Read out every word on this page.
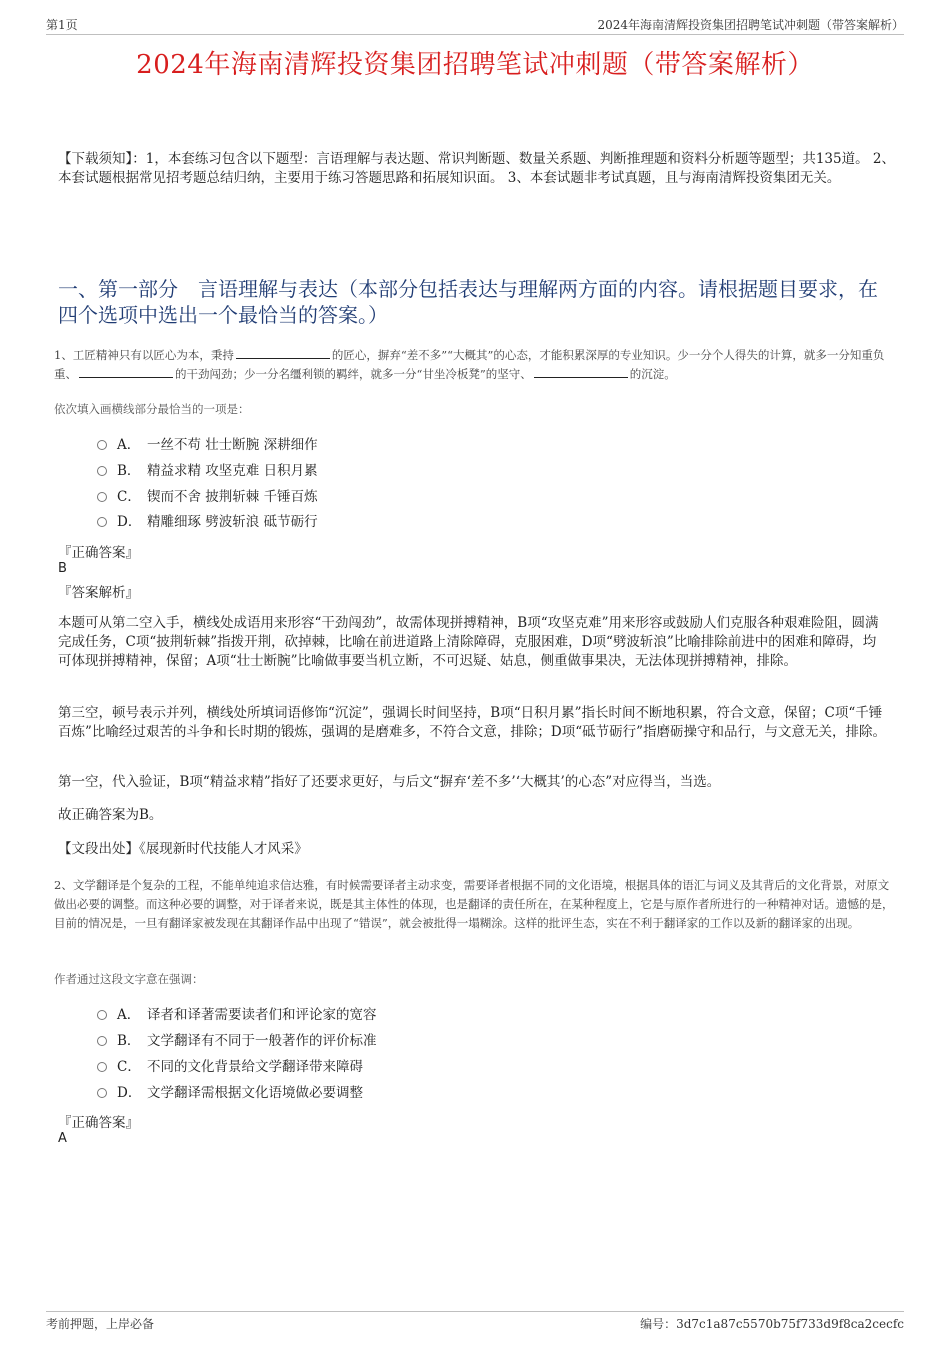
第1页	2024年海南清辉投资集团招聘笔试冲刺题（带答案解析）
2024年海南清辉投资集团招聘笔试冲刺题（带答案解析）
【下载须知】：1，本套练习包含以下题型：言语理解与表达题、常识判断题、数量关系题、判断推理题和资料分析题等题型；共135道。 2、本套试题根据常见招考题总结归纳，主要用于练习答题思路和拓展知识面。 3、本套试题非考试真题，且与海南清辉投资集团无关。
一、第一部分　言语理解与表达（本部分包括表达与理解两方面的内容。请根据题目要求，在四个选项中选出一个最恰当的答案。）
1、工匠精神只有以匠心为本，秉持	的匠心，摒弃“差不多”“大概其”的心态，才能积累深厚的专业知识。少一分个人得失的计算，就多一分知重负重、	的干劲闯劲；少一分名缰利锁的羁绊，就多一分“甘坐冷板凳”的坚守、	的沉淀。
依次填入画横线部分最恰当的一项是：
A． 一丝不苟 壮士断腕 深耕细作
B． 精益求精 攻坚克难 日积月累
C． 锲而不舍 披荆斩棘 千锤百炼
D． 精雕细琢 劈波斩浪 砥节砺行
『正确答案』
B
『答案解析』
本题可从第二空入手，横线处成语用来形容“干劲闯劲”，故需体现拼搏精神，B项“攻坚克难”用来形容或鼓励人们克服各种艰难险阻，圆满完成任务，C项“披荆斩棘”指拨开荆，砍掉棘，比喻在前进道路上清除障碍，克服困难，D项“劈波斩浪”比喻排除前进中的困难和障碍，均可体现拼搏精神，保留；A项“壮士断腕”比喻做事要当机立断，不可迟疑、姑息，侧重做事果决，无法体现拼搏精神，排除。
第三空，顿号表示并列，横线处所填词语修饰“沉淀”，强调长时间坚持，B项“日积月累”指长时间不断地积累，符合文意，保留；C项“千锤百炼”比喻经过艰苦的斗争和长时期的锻炼，强调的是磨难多，不符合文意，排除；D项“砥节砺行”指磨砺操守和品行，与文意无关，排除。
第一空，代入验证，B项“精益求精”指好了还要求更好，与后文“摒弃‘差不多’‘大概其’的心态”对应得当，当选。
故正确答案为B。
【文段出处】《展现新时代技能人才风采》
2、文学翻译是个复杂的工程，不能单纯追求信达雅，有时候需要译者主动求变，需要译者根据不同的文化语境，根据具体的语汇与词义及其背后的文化背景，对原文做出必要的调整。而这种必要的调整，对于译者来说，既是其主体性的体现，也是翻译的责任所在，在某种程度上，它是与原作者所进行的一种精神对话。遗憾的是，目前的情况是，一旦有翻译家被发现在其翻译作品中出现了“错误”，就会被批得一塌糊涂。这样的批评生态，实在不利于翻译家的工作以及新的翻译家的出现。
作者通过这段文字意在强调：
A． 译者和译著需要读者们和评论家的宽容
B． 文学翻译有不同于一般著作的评价标准
C． 不同的文化背景给文学翻译带来障碍
D． 文学翻译需根据文化语境做必要调整
『正确答案』
A
考前押题，上岸必备	编号：3d7c1a87c5570b75f733d9f8ca2cecfc
